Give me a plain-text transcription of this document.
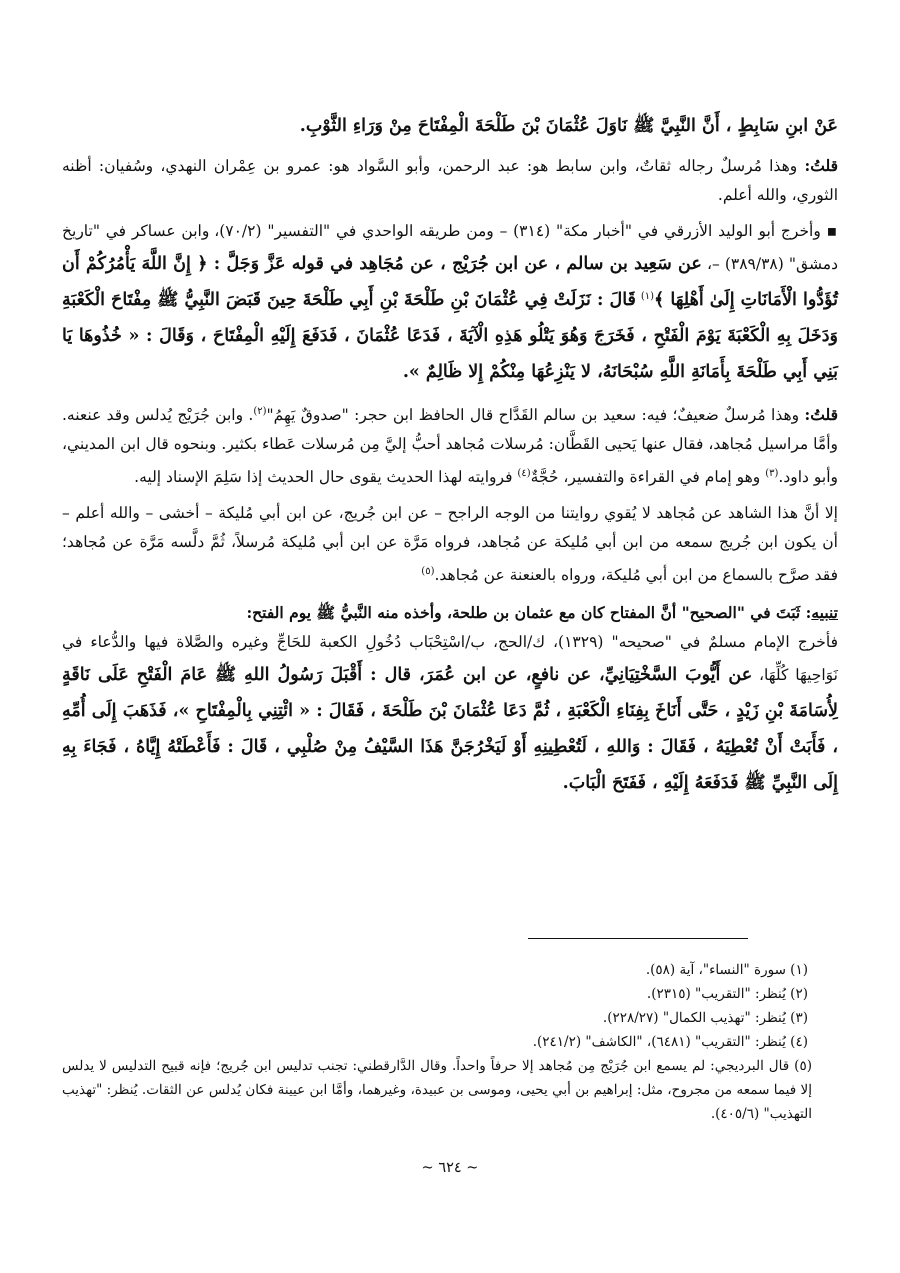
عَنْ ابنِ سَابِطٍ ، أَنَّ النَّبِيَّ ﷺ نَاوَلَ عُثْمَانَ بْنَ طَلْحَةَ الْمِفْتَاحَ مِنْ وَرَاءِ الثَّوْبِ.

قلتُ: وهذا مُرسلٌ رجاله ثقاتٌ، وابن سابط هو: عبد الرحمن، وأبو السَّواد هو: عمرو بن عِمْران النهدي، وسُفيان: أظنه الثوري، والله أعلم.

▪ وأخرج أبو الوليد الأزرقي في "أخبار مكة" (٣١٤) – ومن طريقه الواحدي في "التفسير" (٧٠/٢)، وابن عساكر في "تاريخ دمشق" (٣٨٩/٣٨) –، عن سَعِيد بن سالم ، عن ابن جُرَيْج ، عن مُجَاهِد في قوله عَزَّ وَجَلَّ : ﴿ إِنَّ اللَّهَ يَأْمُرُكُمْ أَن تُؤَدُّوا الْأَمَانَاتِ إِلَىٰ أَهْلِهَا ﴾$^{(١)}$ قَالَ : نَزَلَتْ فِي عُثْمَانَ بْنِ طَلْحَةَ بْنِ أَبِي طَلْحَةَ حِينَ قَبَضَ النَّبِيُّ ﷺ مِفْتَاحَ الْكَعْبَةِ وَدَخَلَ بِهِ الْكَعْبَةَ يَوْمَ الْفَتْحِ ، فَخَرَجَ وَهُوَ يَتْلُو هَذِهِ الْآيَةَ ، فَدَعَا عُثْمَانَ ، فَدَفَعَ إِلَيْهِ الْمِفْتَاحَ ، وَقَالَ : « خُذُوهَا يَا بَنِي أَبِي طَلْحَةَ بِأَمَانَةِ اللَّهِ سُبْحَانَهُ، لا يَنْزِعُهَا مِنْكُمْ إِلا ظَالِمٌ ».

قلتُ: وهذا مُرسلٌ ضعيفٌ؛ فيه: سعيد بن سالم القَدَّاح قال الحافظ ابن حجر: "صدوقٌ يَهِمُ"$^{(٢)}$. وابن جُرَيْج يُدلس وقد عنعنه. وأمَّا مراسيل مُجاهد، فقال عنها يَحيى القَطَّان: مُرسلات مُجاهد أحبُّ إليَّ مِن مُرسلات عَطاء بكثير. وبنحوه قال ابن المديني، وأبو داود.$^{(٣)}$ وهو إمام في القراءة والتفسير، حُجَّةٌ$^{(٤)}$ فروايته لهذا الحديث يقوى حال الحديث إذا سَلِمَ الإسناد إليه.

إلا أنَّ هذا الشاهد عن مُجاهد لا يُقوي روايتنا من الوجه الراجح – عن ابن جُريج، عن ابن أبي مُليكة – أخشى – والله أعلم – أن يكون ابن جُريج سمعه من ابن أبي مُليكة عن مُجاهد، فرواه مَرَّة عن ابن أبي مُليكة مُرسلاً، ثُمَّ دلَّسه مَرَّة عن مُجاهد؛ فقد صرَّح بالسماع من ابن أبي مُليكة، ورواه بالعنعنة عن مُجاهد.$^{(٥)}$

تنبيه: ثَبَتَ في "الصحيح" أنَّ المفتاح كان مع عثمان بن طلحة، وأخذه منه النَّبيُّ ﷺ يوم الفتح:

فأخرج الإمام مسلمٌ في "صحيحه" (١٣٢٩)، ك/الحج، ب/اسْتِحْبَاب دُخُولِ الكعبة للحَاجِّ وغيره والصَّلاة فيها والدُّعاء في نَوَاحِيهَا كُلِّهَا، عن أَيُّوبَ السَّخْتِيَانِيِّ، عن نافعٍ، عن ابن عُمَرَ، قال : أَقْبَلَ رَسُولُ اللهِ ﷺ عَامَ الْفَتْحِ عَلَى نَاقَةٍ لِأُسَامَةَ بْنِ زَيْدٍ ، حَتَّى أَنَاخَ بِفِنَاءِ الْكَعْبَةِ ، ثُمَّ دَعَا عُثْمَانَ بْنَ طَلْحَةَ ، فَقَالَ : « ائْتِنِي بِالْمِفْتَاحِ »، فَذَهَبَ إِلَى أُمِّهِ ، فَأَبَتْ أَنْ تُعْطِيَهُ ، فَقَالَ : وَاللهِ ، لَتُعْطِينِهِ أَوْ لَيَخْرُجَنَّ هَذَا السَّيْفُ مِنْ صُلْبِي ، قَالَ : فَأَعْطَتْهُ إِيَّاهُ ، فَجَاءَ بِهِ إِلَى النَّبِيِّ ﷺ فَدَفَعَهُ إِلَيْهِ ، فَفَتَحَ الْبَابَ.

(١) سورة "النساء"، آية (٥٨).

(٢) يُنظر: "التقريب" (٢٣١٥).

(٣) يُنظر: "تهذيب الكمال" (٢٢٨/٢٧).

(٤) يُنظر: "التقريب" (٦٤٨١)، "الكاشف" (٢٤١/٢).

(٥) قال البرديجي: لم يسمع ابن جُرَيْج مِن مُجاهد إلا حرفاً واحداً. وقال الدَّارقطني: تجنب تدليس ابن جُريج؛ فإنه قبيح التدليس لا يدلس إلا فيما سمعه من مجروح، مثل: إبراهيم بن أبي يحيى، وموسى بن عبيدة، وغيرهما، وأمَّا ابن عيينة فكان يُدلس عن الثقات. يُنظر: "تهذيب التهذيب" (٤٠٥/٦).

~ ٦٢٤ ~
